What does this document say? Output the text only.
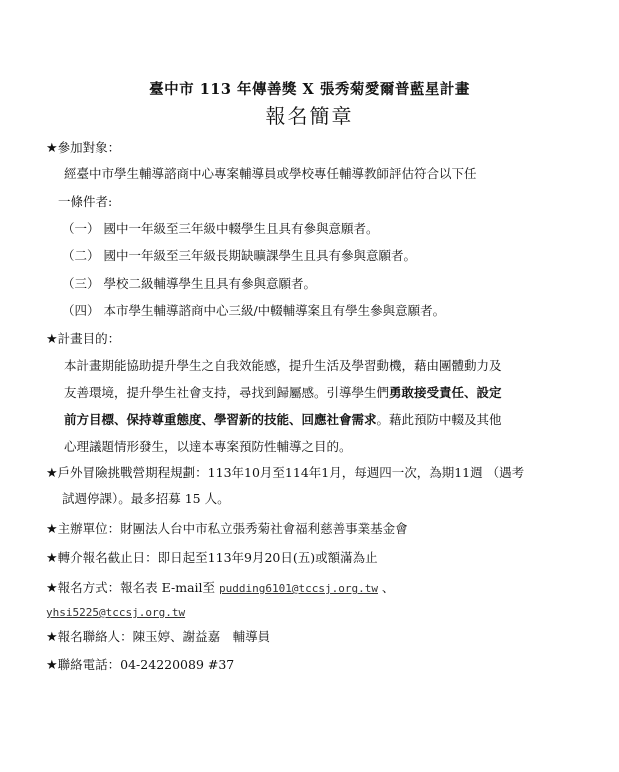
臺中市 113 年傳善獎 X 張秀菊愛爾普藍星計畫
報名簡章
★參加對象：
經臺中市學生輔導諮商中心專案輔導員或學校專任輔導教師評估符合以下任
一條件者:
（一） 國中一年級至三年級中輟學生且具有參與意願者。
（二） 國中一年級至三年級長期缺曠課學生且具有參與意願者。
（三） 學校二級輔導學生且具有參與意願者。
（四） 本市學生輔導諮商中心三級/中輟輔導案且有學生參與意願者。
★計畫目的：
本計畫期能協助提升學生之自我效能感，提升生活及學習動機，藉由團體動力及
友善環境，提升學生社會支持，尋找到歸屬感。引導學生們勇敢接受責任、設定
前方目標、保持尊重態度、學習新的技能、回應社會需求。藉此預防中輟及其他
心理議題情形發生，以達本專案預防性輔導之目的。
★戶外冒險挑戰營期程規劃：113年10月至114年1月，每週四一次，為期11週 （遇考
試週停課）。最多招募 15 人。
★主辦單位：財團法人台中市私立張秀菊社會福利慈善事業基金會
★轉介報名截止日：即日起至113年9月20日(五)或額滿為止
★報名方式：報名表 E-mail至 pudding6101@tccsj.org.tw 、
yhsi5225@tccsj.org.tw
★報名聯絡人：陳玉婷、謝益嘉　輔導員
★聯絡電話：04-24220089 #37
